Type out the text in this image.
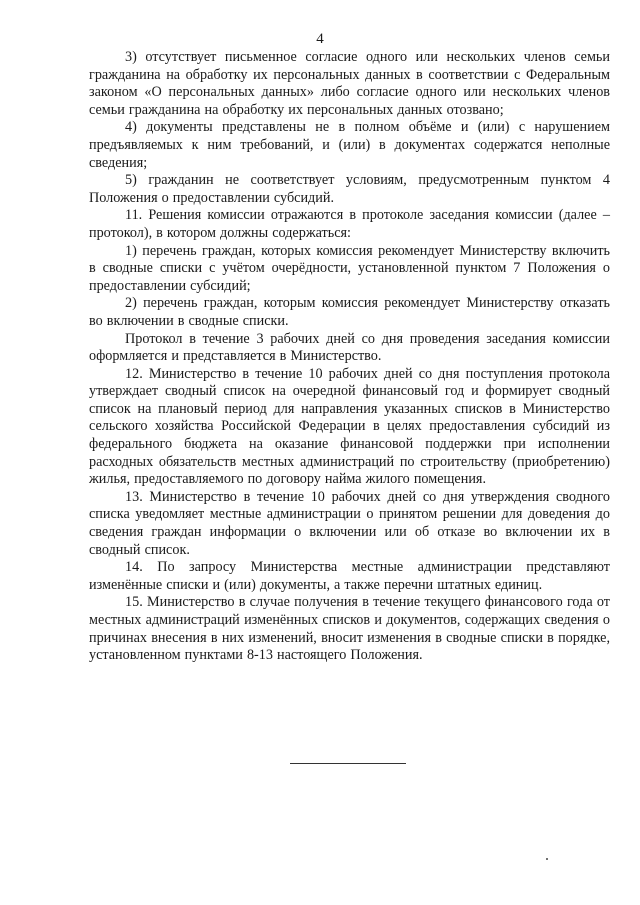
4

3) отсутствует письменное согласие одного или нескольких членов семьи гражданина на обработку их персональных данных в соответствии с Федеральным законом «О персональных данных» либо согласие одного или нескольких членов семьи гражданина на обработку их персональных данных отозвано;

4) документы представлены не в полном объёме и (или) с нарушением предъявляемых к ним требований, и (или) в документах содержатся неполные сведения;

5) гражданин не соответствует условиям, предусмотренным пунктом 4 Положения о предоставлении субсидий.

11. Решения комиссии отражаются в протоколе заседания комиссии (далее – протокол), в котором должны содержаться:

1) перечень граждан, которых комиссия рекомендует Министерству включить в сводные списки с учётом очерёдности, установленной пунктом 7 Положения о предоставлении субсидий;

2) перечень граждан, которым комиссия рекомендует Министерству отказать во включении в сводные списки.

Протокол в течение 3 рабочих дней со дня проведения заседания комиссии оформляется и представляется в Министерство.

12. Министерство в течение 10 рабочих дней со дня поступления протокола утверждает сводный список на очередной финансовый год и формирует сводный список на плановый период для направления указанных списков в Министерство сельского хозяйства Российской Федерации в целях предоставления субсидий из федерального бюджета на оказание финансовой поддержки при исполнении расходных обязательств местных администраций по строительству (приобретению) жилья, предоставляемого по договору найма жилого помещения.

13. Министерство в течение 10 рабочих дней со дня утверждения сводного списка уведомляет местные администрации о принятом решении для доведения до сведения граждан информации о включении или об отказе во включении их в сводный список.

14. По запросу Министерства местные администрации представляют изменённые списки и (или) документы, а также перечни штатных единиц.

15. Министерство в случае получения в течение текущего финансового года от местных администраций изменённых списков и документов, содержащих сведения о причинах внесения в них изменений, вносит изменения в сводные списки в порядке, установленном пунктами 8-13 настоящего Положения.
